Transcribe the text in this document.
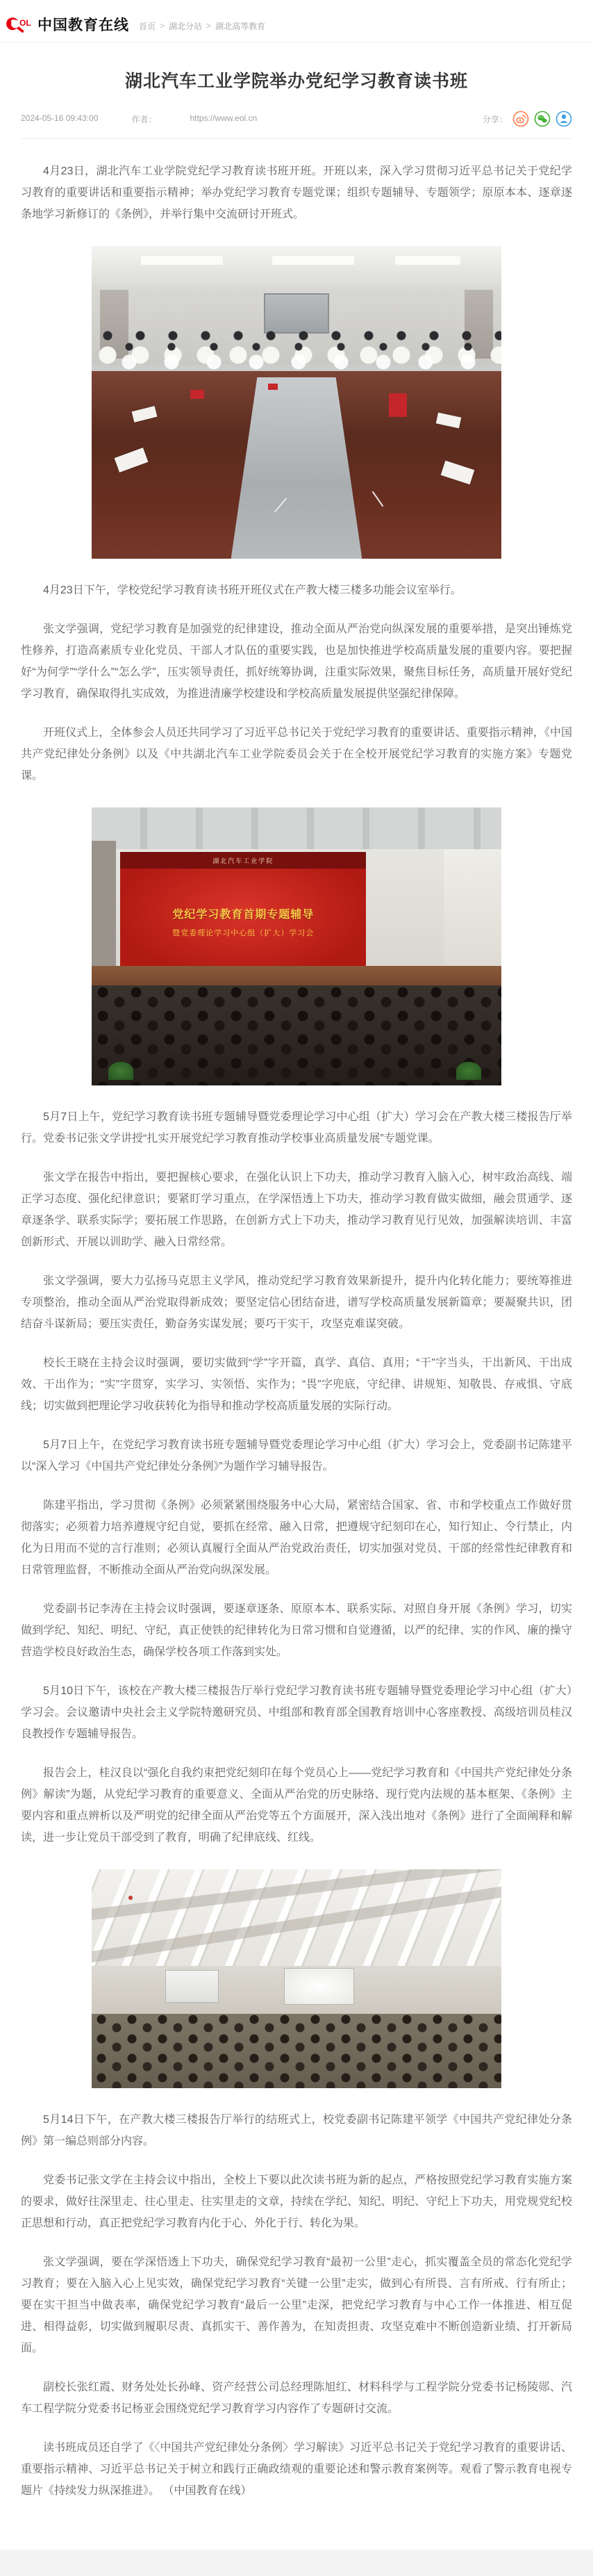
OL 中国教育在线 首页 > 湖北分站 > 湖北高等教育
湖北汽车工业学院举办党纪学习教育读书班
2024-05-16 09:43:00	作者：	https://www.eol.cn	分享：

4月23日，湖北汽车工业学院党纪学习教育读书班开班。开班以来，深入学习贯彻习近平总书记关于党纪学习教育的重要讲话和重要指示精神；举办党纪学习教育专题党课；组织专题辅导、专题领学；原原本本、逐章逐条地学习新修订的《条例》，并举行集中交流研讨开班式。

4月23日下午，学校党纪学习教育读书班开班仪式在产教大楼三楼多功能会议室举行。

张文学强调，党纪学习教育是加强党的纪律建设，推动全面从严治党向纵深发展的重要举措，是突出锤炼党性修养，打造高素质专业化党员、干部人才队伍的重要实践，也是加快推进学校高质量发展的重要内容。要把握好“为何学”“学什么”“怎么学”，压实领导责任，抓好统筹协调，注重实际效果，聚焦目标任务，高质量开展好党纪学习教育，确保取得扎实成效，为推进清廉学校建设和学校高质量发展提供坚强纪律保障。

开班仪式上，全体参会人员还共同学习了习近平总书记关于党纪学习教育的重要讲话、重要指示精神，《中国共产党纪律处分条例》以及《中共湖北汽车工业学院委员会关于在全校开展党纪学习教育的实施方案》专题党课。

湖北汽车工业学院
党纪学习教育首期专题辅导
暨党委理论学习中心组（扩大）学习会

5月7日上午，党纪学习教育读书班专题辅导暨党委理论学习中心组（扩大）学习会在产教大楼三楼报告厅举行。党委书记张文学讲授“扎实开展党纪学习教育推动学校事业高质量发展”专题党课。

张文学在报告中指出，要把握核心要求，在强化认识上下功夫，推动学习教育入脑入心，树牢政治高线、端正学习态度、强化纪律意识；要紧盯学习重点，在学深悟透上下功夫，推动学习教育做实做细，融会贯通学、逐章逐条学、联系实际学；要拓展工作思路，在创新方式上下功夫，推动学习教育见行见效，加强解读培训、丰富创新形式、开展以训助学、融入日常经常。

张文学强调，要大力弘扬马克思主义学风，推动党纪学习教育效果新提升，提升内化转化能力；要统筹推进专项整治，推动全面从严治党取得新成效；要坚定信心团结奋进，谱写学校高质量发展新篇章；要凝聚共识，团结奋斗谋新局；要压实责任，勤奋务实谋发展；要巧干实干，攻坚克难谋突破。

校长王晓在主持会议时强调，要切实做到“学”字开篇，真学、真信、真用；“干”字当头，干出新风、干出成效、干出作为；“实”字贯穿，实学习、实领悟、实作为；“畏”字兜底，守纪律、讲规矩、知敬畏、存戒惧、守底线；切实做到把理论学习收获转化为指导和推动学校高质量发展的实际行动。

5月7日上午，在党纪学习教育读书班专题辅导暨党委理论学习中心组（扩大）学习会上，党委副书记陈建平以“深入学习《中国共产党纪律处分条例》”为题作学习辅导报告。

陈建平指出，学习贯彻《条例》必须紧紧围绕服务中心大局，紧密结合国家、省、市和学校重点工作做好贯彻落实；必须着力培养遵规守纪自觉，要抓在经常、融入日常，把遵规守纪刻印在心，知行知止、令行禁止，内化为日用而不觉的言行准则；必须认真履行全面从严治党政治责任，切实加强对党员、干部的经常性纪律教育和日常管理监督，不断推动全面从严治党向纵深发展。

党委副书记李涛在主持会议时强调，要逐章逐条、原原本本、联系实际、对照自身开展《条例》学习，切实做到学纪、知纪、明纪、守纪，真正使铁的纪律转化为日常习惯和自觉遵循，以严的纪律、实的作风、廉的操守营造学校良好政治生态，确保学校各项工作落到实处。

5月10日下午，该校在产教大楼三楼报告厅举行党纪学习教育读书班专题辅导暨党委理论学习中心组（扩大）学习会。会议邀请中央社会主义学院特邀研究员、中组部和教育部全国教育培训中心客座教授、高级培训员桂汉良教授作专题辅导报告。

报告会上，桂汉良以“强化自我约束把党纪刻印在每个党员心上——党纪学习教育和《中国共产党纪律处分条例》解读”为题，从党纪学习教育的重要意义、全面从严治党的历史脉络、现行党内法规的基本框架、《条例》主要内容和重点辨析以及严明党的纪律全面从严治党等五个方面展开，深入浅出地对《条例》进行了全面阐释和解读，进一步让党员干部受到了教育，明确了纪律底线、红线。

5月14日下午，在产教大楼三楼报告厅举行的结班式上，校党委副书记陈建平领学《中国共产党纪律处分条例》第一编总则部分内容。

党委书记张文学在主持会议中指出，全校上下要以此次读书班为新的起点，严格按照党纪学习教育实施方案的要求，做好往深里走、往心里走、往实里走的文章，持续在学纪、知纪、明纪、守纪上下功夫，用党规党纪校正思想和行动，真正把党纪学习教育内化于心、外化于行、转化为果。

张文学强调，要在学深悟透上下功夫，确保党纪学习教育“最初一公里”走心，抓实覆盖全员的常态化党纪学习教育；要在入脑入心上见实效，确保党纪学习教育“关键一公里”走实，做到心有所畏、言有所戒、行有所止；要在实干担当中做表率，确保党纪学习教育“最后一公里”走深，把党纪学习教育与中心工作一体推进、相互促进、相得益彰，切实做到履职尽责、真抓实干、善作善为，在知责担责、攻坚克难中不断创造新业绩、打开新局面。

副校长张红霞、财务处处长孙峰、资产经营公司总经理陈旭红、材料科学与工程学院分党委书记杨陵郧、汽车工程学院分党委书记杨亚会围绕党纪学习教育学习内容作了专题研讨交流。

读书班成员还自学了《〈中国共产党纪律处分条例〉学习解读》习近平总书记关于党纪学习教育的重要讲话、重要指示精神、习近平总书记关于树立和践行正确政绩观的重要论述和警示教育案例等。观看了警示教育电视专题片《持续发力纵深推进》。 （中国教育在线）
